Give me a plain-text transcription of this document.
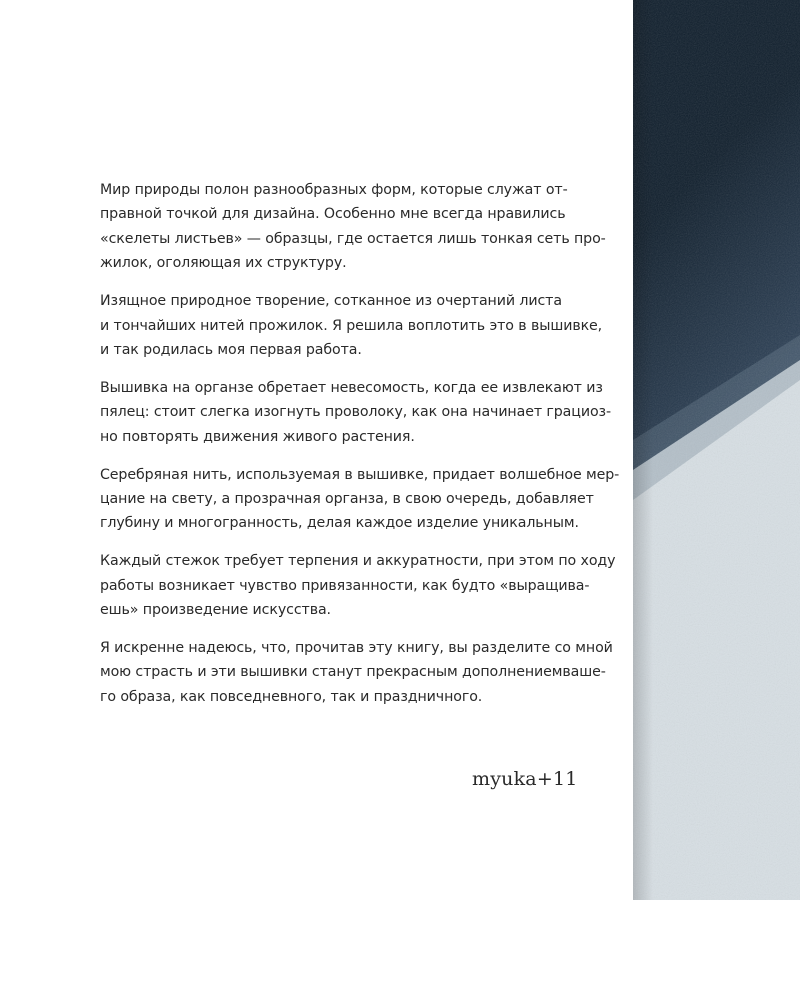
Мир природы полон разнообразных форм, которые служат от-
правной точкой для дизайна. Особенно мне всегда нравились
«скелеты листьев» — образцы, где остается лишь тонкая сеть про-
жилок, оголяющая их структуру.

Изящное природное творение, сотканное из очертаний листа
и тончайших нитей прожилок. Я решила воплотить это в вышивке,
и так родилась моя первая работа.

Вышивка на органзе обретает невесомость, когда ее извлекают из
пялец: стоит слегка изогнуть проволоку, как она начинает грациоз-
но повторять движения живого растения.

Серебряная нить, используемая в вышивке, придает волшебное мер-
цание на свету, а прозрачная органза, в свою очередь, добавляет
глубину и многогранность, делая каждое изделие уникальным.

Каждый стежок требует терпения и аккуратности, при этом по ходу
работы возникает чувство привязанности, как будто «выращива-
ешь» произведение искусства.

Я искренне надеюсь, что, прочитав эту книгу, вы разделите со мной
мою страсть и эти вышивки станут прекрасным дополнениемваше-
го образа, как повседневного, так и праздничного.

myuka+11
